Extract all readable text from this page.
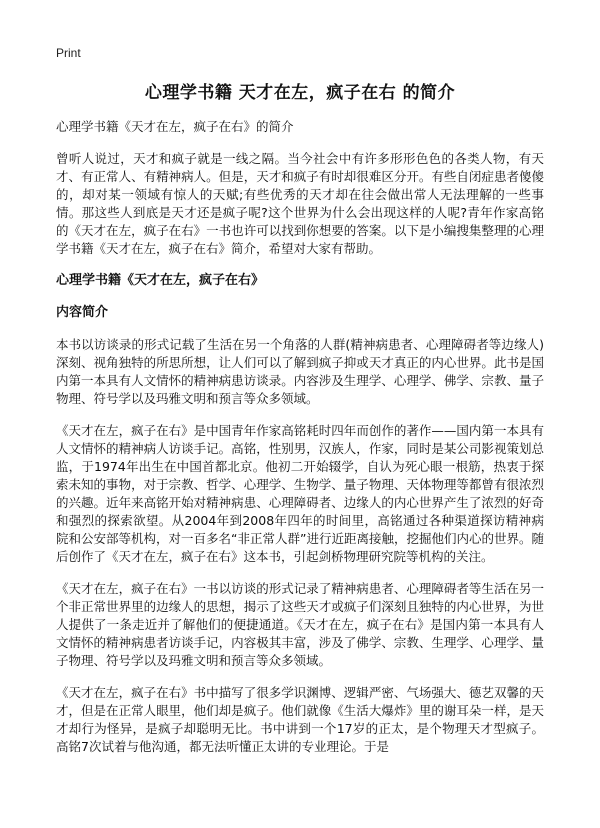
Print
心理学书籍 天才在左，疯子在右 的简介

心理学书籍《天才在左，疯子在右》的简介

曾听人说过，天才和疯子就是一线之隔。当今社会中有许多形形色色的各类人物，有天才、有正常人、有精神病人。但是，天才和疯子有时却很难区分开。有些自闭症患者傻傻的，却对某一领域有惊人的天赋;有些优秀的天才却在往会做出常人无法理解的一些事情。那这些人到底是天才还是疯子呢?这个世界为什么会出现这样的人呢?青年作家高铭的《天才在左，疯子在右》一书也许可以找到你想要的答案。以下是小编搜集整理的心理学书籍《天才在左，疯子在右》简介，希望对大家有帮助。

心理学书籍《天才在左，疯子在右》
内容简介

本书以访谈录的形式记载了生活在另一个角落的人群(精神病患者、心理障碍者等边缘人)深刻、视角独特的所思所想，让人们可以了解到疯子抑或天才真正的内心世界。此书是国内第一本具有人文情怀的精神病患访谈录。内容涉及生理学、心理学、佛学、宗教、量子物理、符号学以及玛雅文明和预言等众多领域。

《天才在左，疯子在右》是中国青年作家高铭耗时四年而创作的著作——国内第一本具有人文情怀的精神病人访谈手记。高铭，性别男，汉族人，作家，同时是某公司影视策划总监，于1974年出生在中国首都北京。他初二开始辍学，自认为死心眼一根筋，热衷于探索未知的事物，对于宗教、哲学、心理学、生物学、量子物理、天体物理等都曾有很浓烈的兴趣。近年来高铭开始对精神病患、心理障碍者、边缘人的内心世界产生了浓烈的好奇和强烈的探索欲望。从2004年到2008年四年的时间里，高铭通过各种渠道探访精神病院和公安部等机构，对一百多名“非正常人群”进行近距离接触，挖掘他们内心的世界。随后创作了《天才在左，疯子在右》这本书，引起剑桥物理研究院等机构的关注。

《天才在左，疯子在右》一书以访谈的形式记录了精神病患者、心理障碍者等生活在另一个非正常世界里的边缘人的思想，揭示了这些天才或疯子们深刻且独特的内心世界，为世人提供了一条走近并了解他们的便捷通道。《天才在左，疯子在右》是国内第一本具有人文情怀的精神病患者访谈手记，内容极其丰富，涉及了佛学、宗教、生理学、心理学、量子物理、符号学以及玛雅文明和预言等众多领域。

《天才在左，疯子在右》书中描写了很多学识渊博、逻辑严密、气场强大、德艺双馨的天才，但是在正常人眼里，他们却是疯子。他们就像《生活大爆炸》里的谢耳朵一样，是天才却行为怪异，是疯子却聪明无比。书中讲到一个17岁的正太，是个物理天才型疯子。高铭7次试着与他沟通，都无法听懂正太讲的专业理论。于是
